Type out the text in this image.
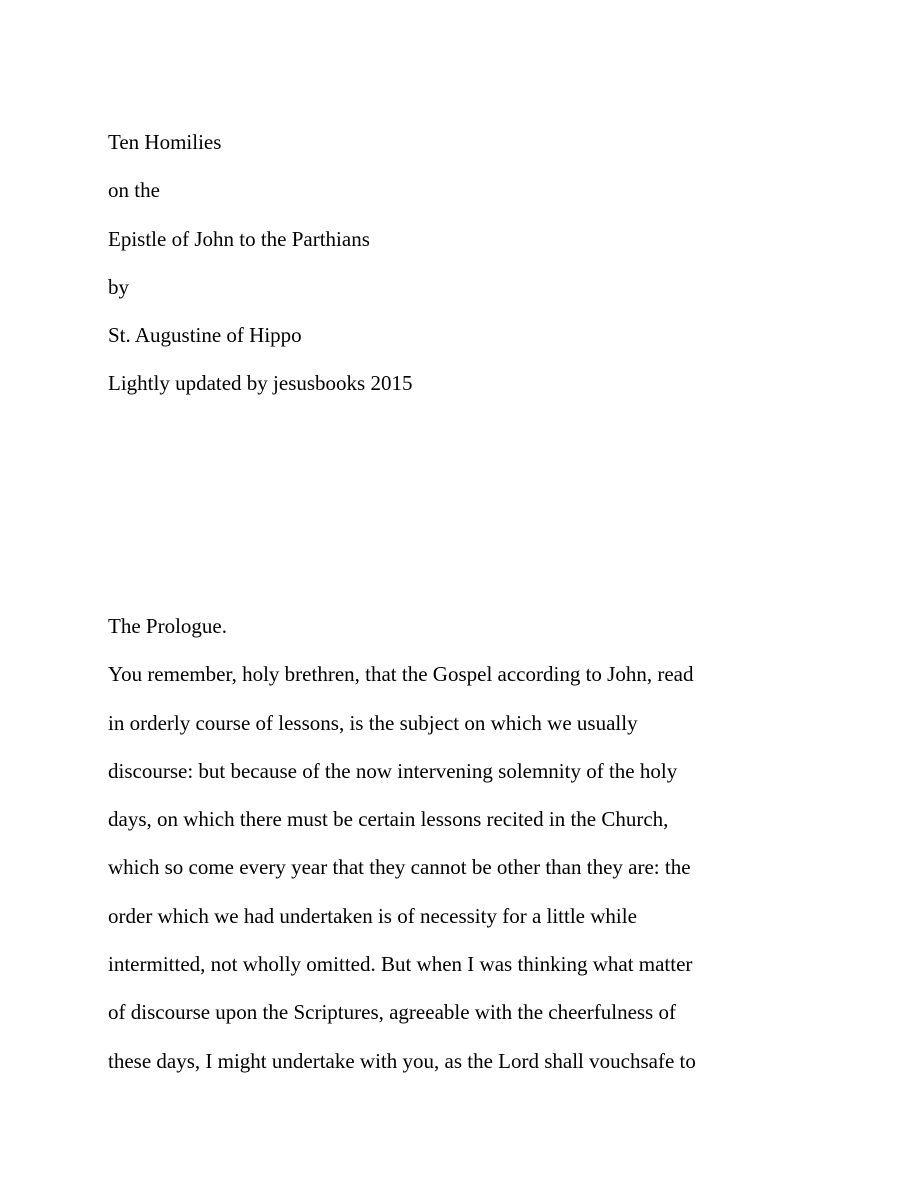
Ten Homilies
on the
Epistle of John to the Parthians
by
St. Augustine of Hippo
Lightly updated by jesusbooks 2015
The Prologue.
You remember, holy brethren, that the Gospel according to John, read
in orderly course of lessons, is the subject on which we usually
discourse: but because of the now intervening solemnity of the holy
days, on which there must be certain lessons recited in the Church,
which so come every year that they cannot be other than they are: the
order which we had undertaken is of necessity for a little while
intermitted, not wholly omitted. But when I was thinking what matter
of discourse upon the Scriptures, agreeable with the cheerfulness of
these days, I might undertake with you, as the Lord shall vouchsafe to
